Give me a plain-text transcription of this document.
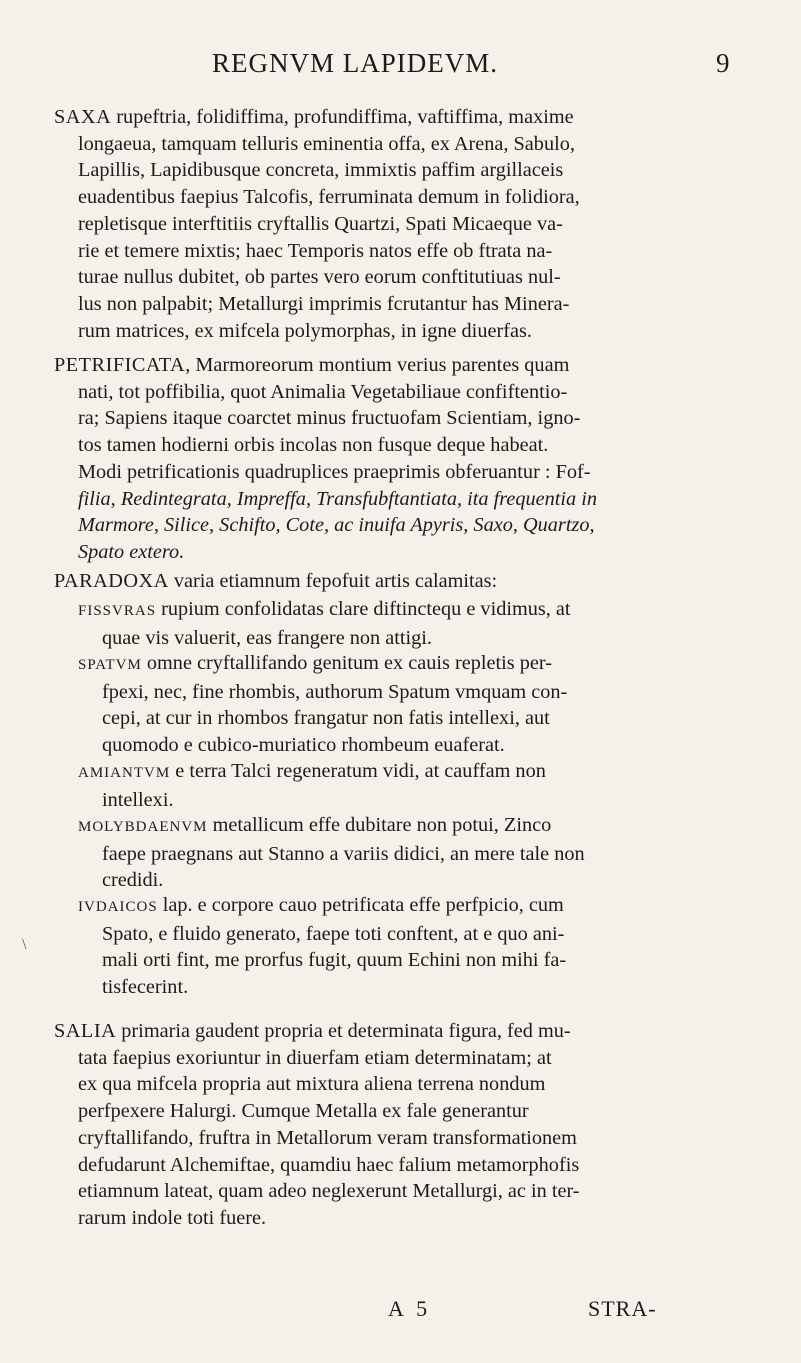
REGNVM LAPIDEVM.	9

SAXA rupeftria, folidiffima, profundiffima, vaftiffima, maxime
longaeua, tamquam telluris eminentia offa, ex Arena, Sabulo,
Lapillis, Lapidibusque concreta, immixtis paffim argillaceis
euadentibus faepius Talcofis, ferruminata demum in folidiora,
repletisque interftitiis cryftallis Quartzi, Spati Micaeque va-
rie et temere mixtis; haec Temporis natos effe ob ftrata na-
turae nullus dubitet, ob partes vero eorum conftitutiuas nul-
lus non palpabit; Metallurgi imprimis fcrutantur has Minera-
rum matrices, ex mifcela polymorphas, in igne diuerfas.

PETRIFICATA, Marmoreorum montium verius parentes quam
nati, tot poffibilia, quot Animalia Vegetabiliaue confiftentio-
ra; Sapiens itaque coarctet minus fructuofam Scientiam, igno-
tos tamen hodierni orbis incolas non fusque deque habeat.
Modi petrificationis quadruplices praeprimis obferuantur : Fof-
filia, Redintegrata, Impreffa, Transfubftantiata, ita frequentia in
Marmore, Silice, Schifto, Cote, ac inuifa Apyris, Saxo, Quartzo,
Spato extero.

PARADOXA varia etiamnum fepofuit artis calamitas:

FISSVRAS rupium confolidatas clare diftinctequ e vidimus, at
quae vis valuerit, eas frangere non attigi.

SPATVM omne cryftallifando genitum ex cauis repletis per-
fpexi, nec, fine rhombis, authorum Spatum vmquam con-
cepi, at cur in rhombos frangatur non fatis intellexi, aut
quomodo e cubico-muriatico rhombeum euaferat.

AMIANTVM e terra Talci regeneratum vidi, at cauffam non
intellexi.

MOLYBDAENVM metallicum effe dubitare non potui, Zinco
faepe praegnans aut Stanno a variis didici, an mere tale non
credidi.

IVDAICOS lap. e corpore cauo petrificata effe perfpicio, cum
Spato, e fluido generato, faepe toti conftent, at e quo ani-
mali orti fint, me prorfus fugit, quum Echini non mihi fa-
tisfecerint.

\

SALIA primaria gaudent propria et determinata figura, fed mu-
tata faepius exoriuntur in diuerfam etiam determinatam; at
ex qua mifcela propria aut mixtura aliena terrena nondum
perfpexere Halurgi. Cumque Metalla ex fale generantur
cryftallifando, fruftra in Metallorum veram transformationem
defudarunt Alchemiftae, quamdiu haec falium metamorphofis
etiamnum lateat, quam adeo neglexerunt Metallurgi, ac in ter-
rarum indole toti fuere.

A 5	STRA-
